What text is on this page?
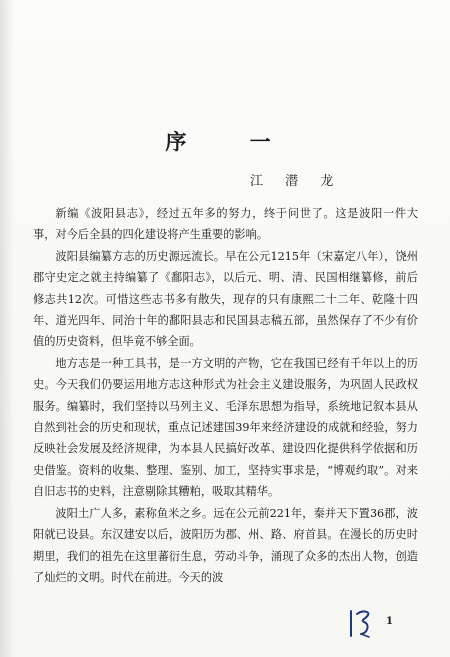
序 一

江 潜 龙

新编《波阳县志》，经过五年多的努力，终于问世了。这是波阳一件大事，对今后全县的四化建设将产生重要的影响。

波阳县编纂方志的历史源远流长。早在公元1215年（宋嘉定八年），饶州郡守史定之就主持编纂了《鄱阳志》，以后元、明、清、民国相继纂修，前后修志共12次。可惜这些志书多有散失，现存的只有康熙二十二年、乾隆十四年、道光四年、同治十年的鄱阳县志和民国县志稿五部，虽然保存了不少有价值的历史资料，但毕竟不够全面。

地方志是一种工具书，是一方文明的产物，它在我国已经有千年以上的历史。今天我们仍要运用地方志这种形式为社会主义建设服务，为巩固人民政权服务。编纂时，我们坚持以马列主义、毛泽东思想为指导，系统地记叙本县从自然到社会的历史和现状，重点记述建国39年来经济建设的成就和经验，努力反映社会发展及经济规律，为本县人民搞好改革、建设四化提供科学依据和历史借鉴。资料的收集、整理、鉴别、加工，坚持实事求是，“博观约取”。对来自旧志书的史料，注意剔除其糟粕，吸取其精华。

波阳土广人多，素称鱼米之乡。远在公元前221年，秦并天下置36郡，波阳就已设县。东汉建安以后，波阳历为郡、州、路、府首县。在漫长的历史时期里，我们的祖先在这里蕃衍生息，劳动斗争，涌现了众多的杰出人物，创造了灿烂的文明。时代在前进。今天的波

1
